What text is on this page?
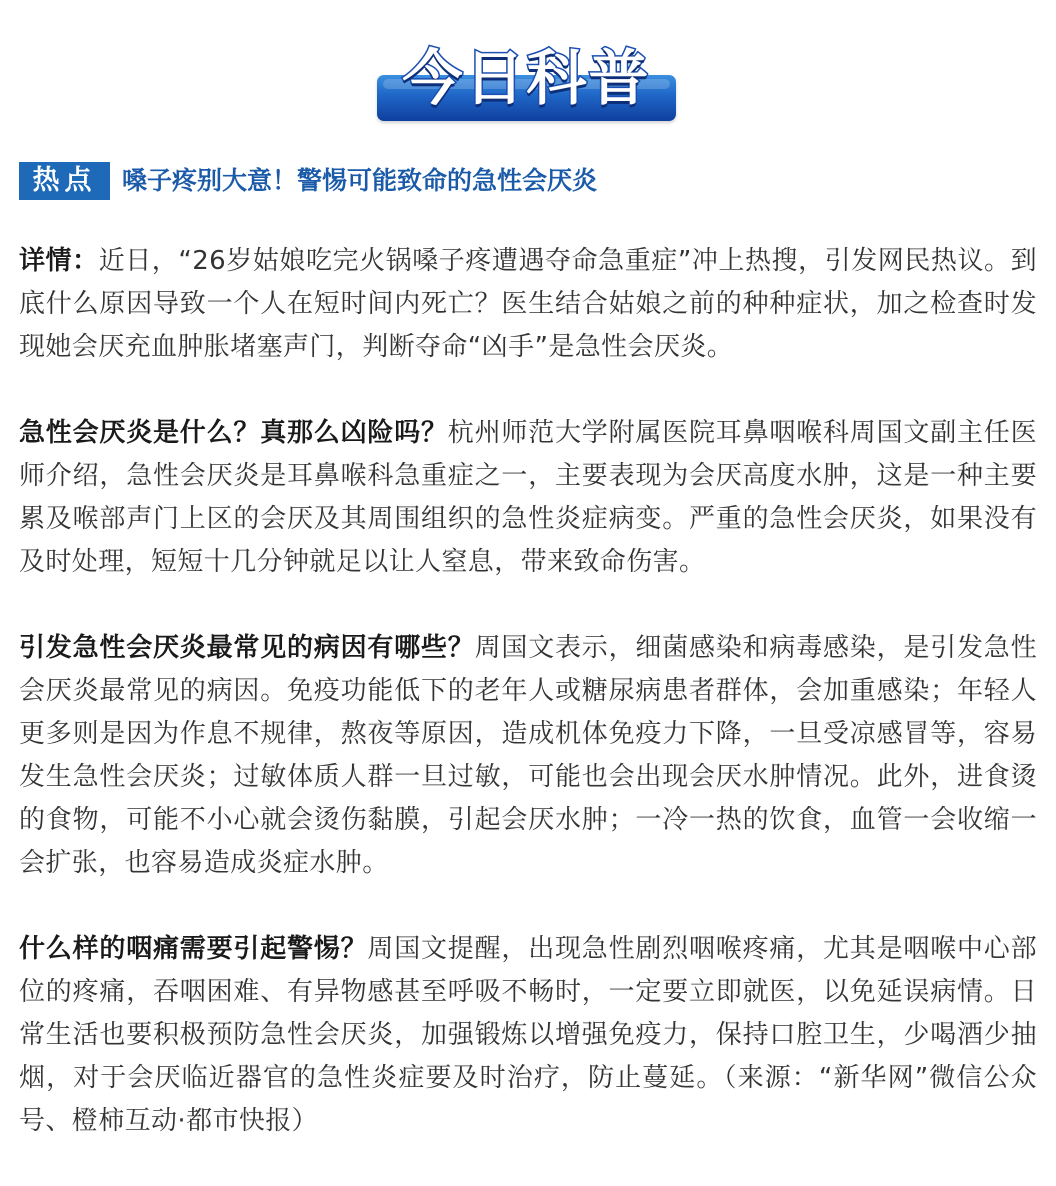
今日科普
热点	嗓子疼别大意！警惕可能致命的急性会厌炎

详情：近日，“26岁姑娘吃完火锅嗓子疼遭遇夺命急重症”冲上热搜，引发网民热议。到底什么原因导致一个人在短时间内死亡？医生结合姑娘之前的种种症状，加之检查时发现她会厌充血肿胀堵塞声门，判断夺命“凶手”是急性会厌炎。

急性会厌炎是什么？真那么凶险吗？杭州师范大学附属医院耳鼻咽喉科周国文副主任医师介绍，急性会厌炎是耳鼻喉科急重症之一，主要表现为会厌高度水肿，这是一种主要累及喉部声门上区的会厌及其周围组织的急性炎症病变。严重的急性会厌炎，如果没有及时处理，短短十几分钟就足以让人窒息，带来致命伤害。

引发急性会厌炎最常见的病因有哪些？周国文表示，细菌感染和病毒感染，是引发急性会厌炎最常见的病因。免疫功能低下的老年人或糖尿病患者群体，会加重感染；年轻人更多则是因为作息不规律，熬夜等原因，造成机体免疫力下降，一旦受凉感冒等，容易发生急性会厌炎；过敏体质人群一旦过敏，可能也会出现会厌水肿情况。此外，进食烫的食物，可能不小心就会烫伤黏膜，引起会厌水肿；一冷一热的饮食，血管一会收缩一会扩张，也容易造成炎症水肿。

什么样的咽痛需要引起警惕？周国文提醒，出现急性剧烈咽喉疼痛，尤其是咽喉中心部位的疼痛，吞咽困难、有异物感甚至呼吸不畅时，一定要立即就医，以免延误病情。日常生活也要积极预防急性会厌炎，加强锻炼以增强免疫力，保持口腔卫生，少喝酒少抽烟，对于会厌临近器官的急性炎症要及时治疗，防止蔓延。（来源：“新华网”微信公众号、橙柿互动·都市快报）
